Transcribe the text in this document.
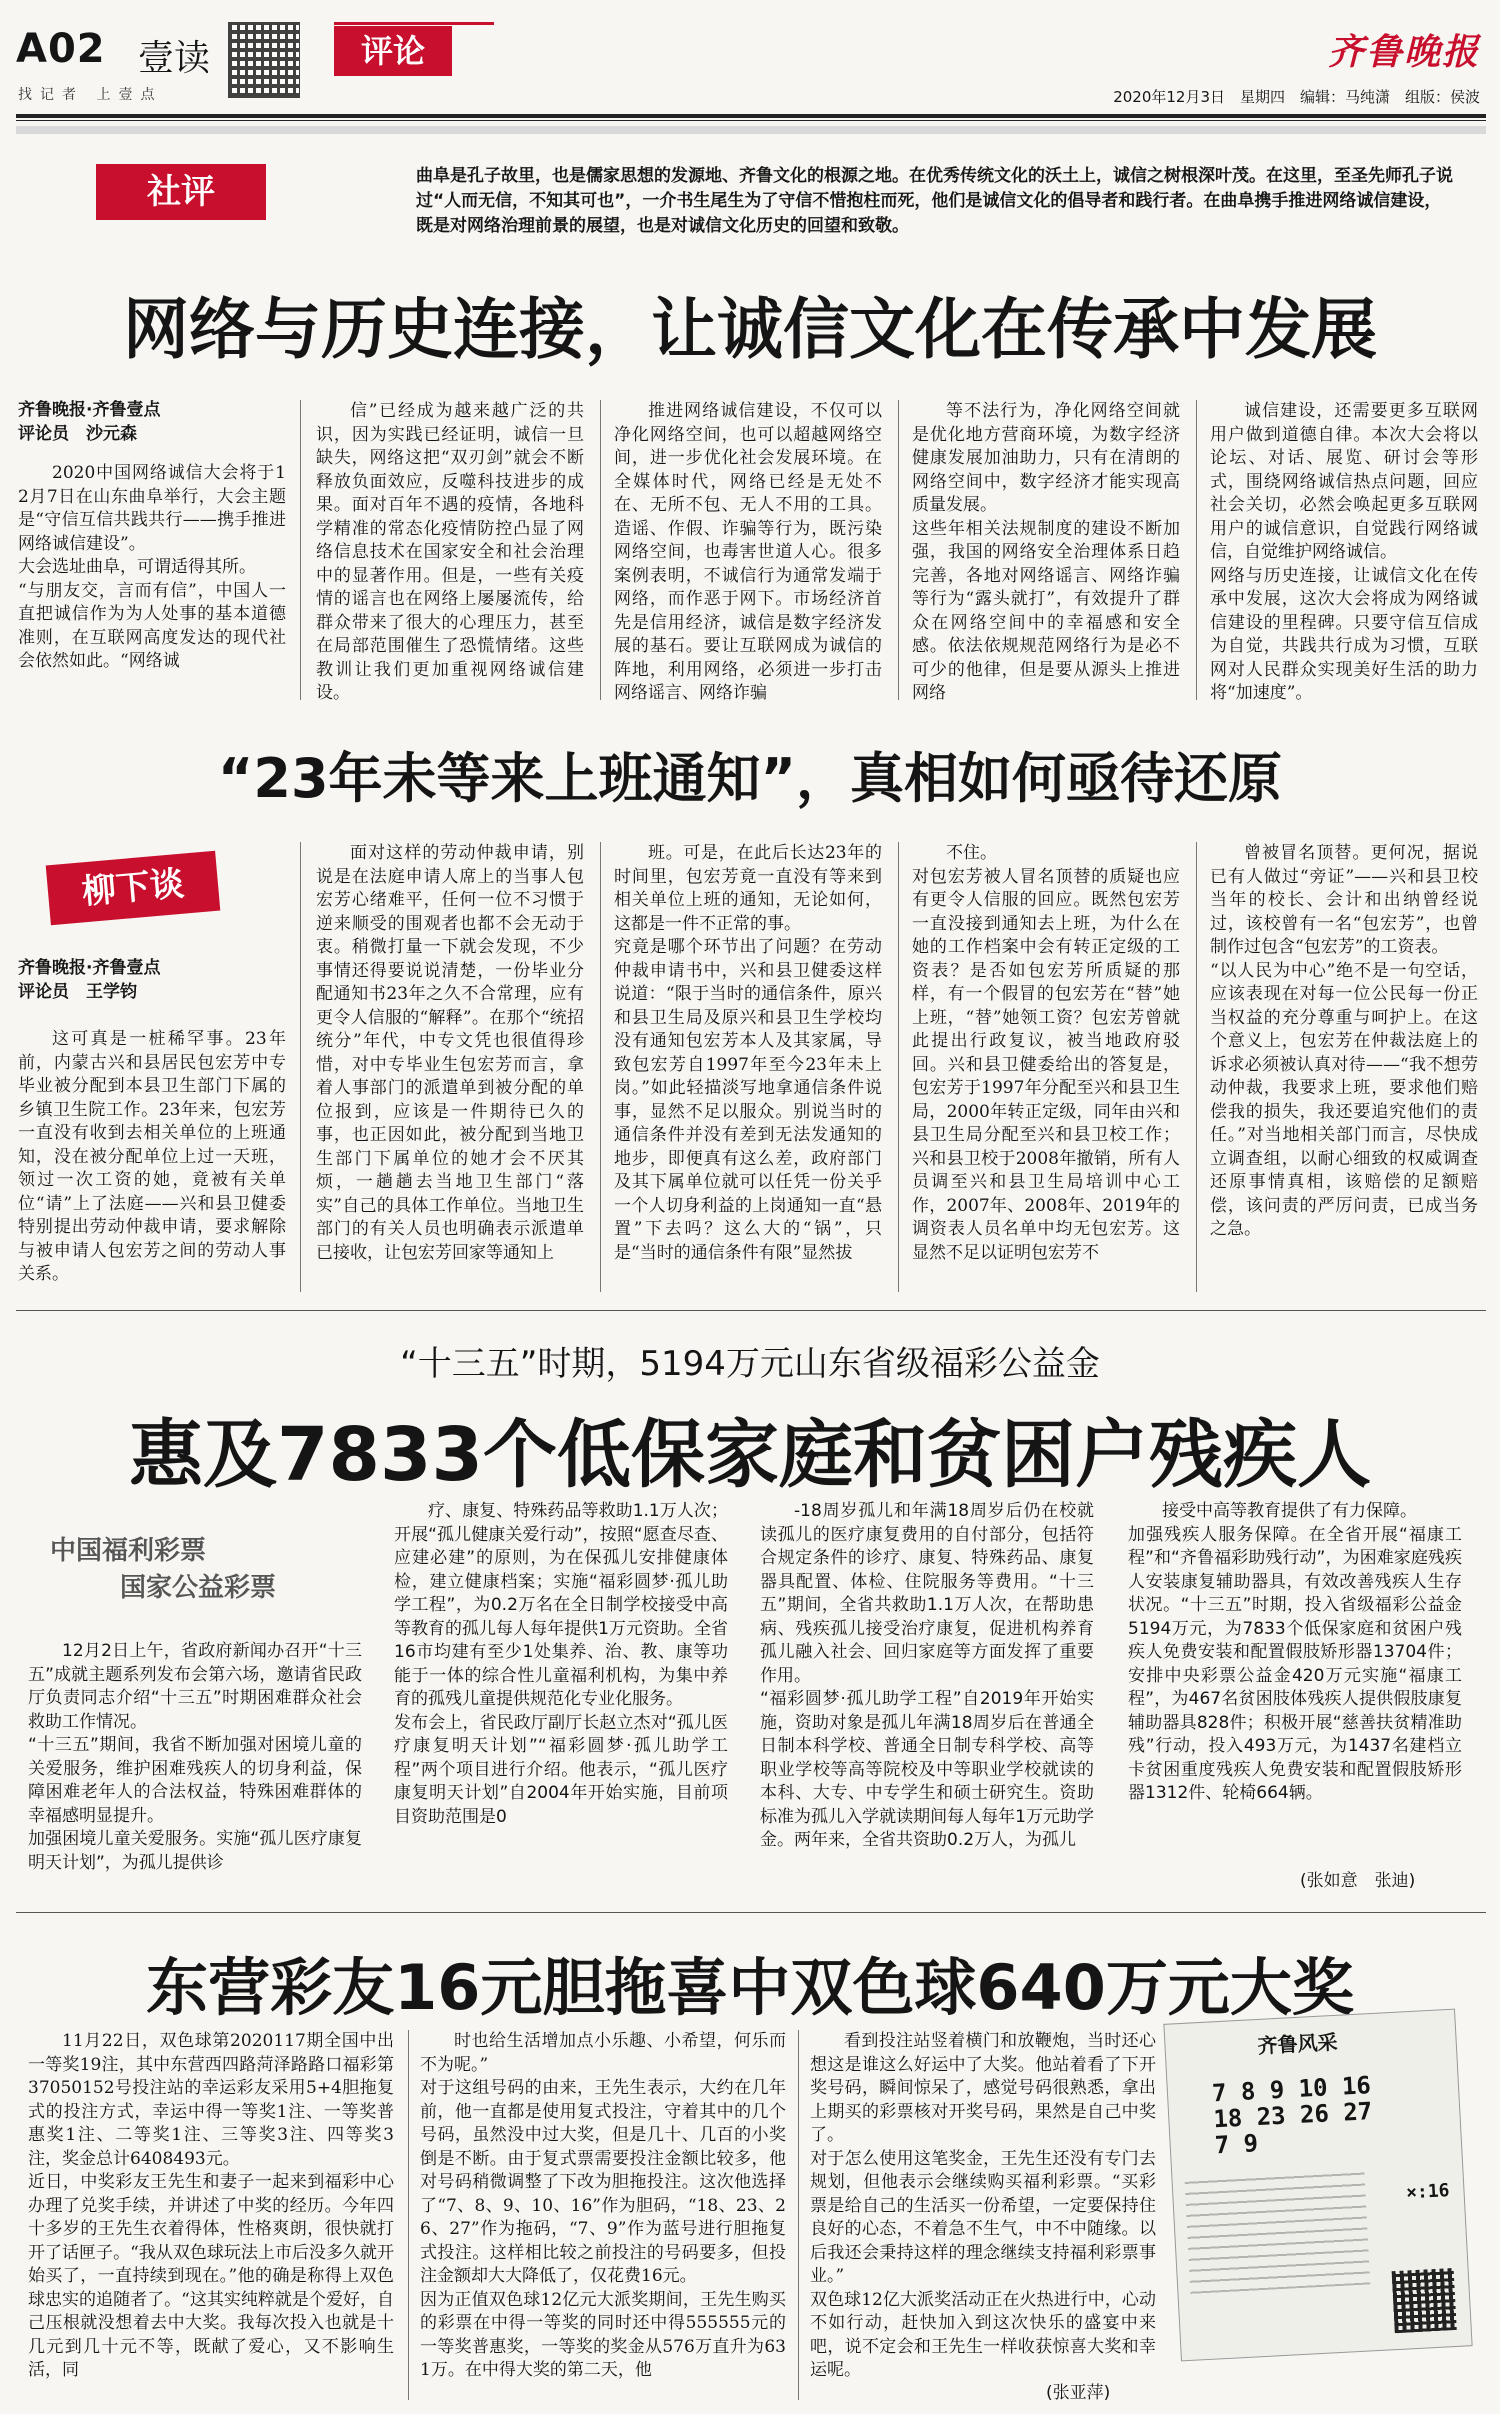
A02 壹读
找记者 上壹点
评论	齐鲁晚报
2020年12月3日　星期四　编辑：马纯潇　组版：侯波
社评	曲阜是孔子故里，也是儒家思想的发源地、齐鲁文化的根源之地。在优秀传统文化的沃土上，诚信之树根深叶茂。在这里，至圣先师孔子说过“人而无信，不知其可也”，一介书生尾生为了守信不惜抱柱而死，他们是诚信文化的倡导者和践行者。在曲阜携手推进网络诚信建设，既是对网络治理前景的展望，也是对诚信文化历史的回望和致敬。
网络与历史连接，让诚信文化在传承中发展
齐鲁晚报·齐鲁壹点
评论员　沙元森

2020中国网络诚信大会将于12月7日在山东曲阜举行，大会主题是“守信互信共践共行——携手推进网络诚信建设”。
大会选址曲阜，可谓适得其所。
“与朋友交，言而有信”，中国人一直把诚信作为为人处事的基本道德准则，在互联网高度发达的现代社会依然如此。“网络诚

信”已经成为越来越广泛的共识，因为实践已经证明，诚信一旦缺失，网络这把“双刃剑”就会不断释放负面效应，反噬科技进步的成果。面对百年不遇的疫情，各地科学精准的常态化疫情防控凸显了网络信息技术在国家安全和社会治理中的显著作用。但是，一些有关疫情的谣言也在网络上屡屡流传，给群众带来了很大的心理压力，甚至在局部范围催生了恐慌情绪。这些教训让我们更加重视网络诚信建设。

推进网络诚信建设，不仅可以净化网络空间，也可以超越网络空间，进一步优化社会发展环境。在全媒体时代，网络已经是无处不在、无所不包、无人不用的工具。造谣、作假、诈骗等行为，既污染网络空间，也毒害世道人心。很多案例表明，不诚信行为通常发端于网络，而作恶于网下。市场经济首先是信用经济，诚信是数字经济发展的基石。要让互联网成为诚信的阵地，利用网络，必须进一步打击网络谣言、网络诈骗

等不法行为，净化网络空间就是优化地方营商环境，为数字经济健康发展加油助力，只有在清朗的网络空间中，数字经济才能实现高质量发展。
这些年相关法规制度的建设不断加强，我国的网络安全治理体系日趋完善，各地对网络谣言、网络诈骗等行为“露头就打”，有效提升了群众在网络空间中的幸福感和安全感。依法依规规范网络行为是必不可少的他律，但是要从源头上推进网络

诚信建设，还需要更多互联网用户做到道德自律。本次大会将以论坛、对话、展览、研讨会等形式，围绕网络诚信热点问题，回应社会关切，必然会唤起更多互联网用户的诚信意识，自觉践行网络诚信，自觉维护网络诚信。
网络与历史连接，让诚信文化在传承中发展，这次大会将成为网络诚信建设的里程碑。只要守信互信成为自觉，共践共行成为习惯，互联网对人民群众实现美好生活的助力将“加速度”。

“23年未等来上班通知”，真相如何亟待还原
柳下谈
齐鲁晚报·齐鲁壹点
评论员　王学钧

这可真是一桩稀罕事。23年前，内蒙古兴和县居民包宏芳中专毕业被分配到本县卫生部门下属的乡镇卫生院工作。23年来，包宏芳一直没有收到去相关单位的上班通知，没在被分配单位上过一天班，领过一次工资的她，竟被有关单位“请”上了法庭——兴和县卫健委特别提出劳动仲裁申请，要求解除与被申请人包宏芳之间的劳动人事关系。

面对这样的劳动仲裁申请，别说是在法庭申请人席上的当事人包宏芳心绪难平，任何一位不习惯于逆来顺受的围观者也都不会无动于衷。稍微打量一下就会发现，不少事情还得要说说清楚，一份毕业分配通知书23年之久不合常理，应有更令人信服的“解释”。在那个“统招统分”年代，中专文凭也很值得珍惜，对中专毕业生包宏芳而言，拿着人事部门的派遣单到被分配的单位报到，应该是一件期待已久的事，也正因如此，被分配到当地卫生部门下属单位的她才会不厌其烦，一趟趟去当地卫生部门“落实”自己的具体工作单位。当地卫生部门的有关人员也明确表示派遣单已接收，让包宏芳回家等通知上

班。可是，在此后长达23年的时间里，包宏芳竟一直没有等来到相关单位上班的通知，无论如何，这都是一件不正常的事。
究竟是哪个环节出了问题？在劳动仲裁申请书中，兴和县卫健委这样说道：“限于当时的通信条件，原兴和县卫生局及原兴和县卫生学校均没有通知包宏芳本人及其家属，导致包宏芳自1997年至今23年未上岗。”如此轻描淡写地拿通信条件说事，显然不足以服众。别说当时的通信条件并没有差到无法发通知的地步，即便真有这么差，政府部门及其下属单位就可以任凭一份关乎一个人切身利益的上岗通知一直“悬置”下去吗？这么大的“锅”，只是“当时的通信条件有限”显然拔

不住。
对包宏芳被人冒名顶替的质疑也应有更令人信服的回应。既然包宏芳一直没接到通知去上班，为什么在她的工作档案中会有转正定级的工资表？是否如包宏芳所质疑的那样，有一个假冒的包宏芳在“替”她上班，“替”她领工资？包宏芳曾就此提出行政复议，被当地政府驳回。兴和县卫健委给出的答复是，包宏芳于1997年分配至兴和县卫生局，2000年转正定级，同年由兴和县卫生局分配至兴和县卫校工作；兴和县卫校于2008年撤销，所有人员调至兴和县卫生局培训中心工作，2007年、2008年、2019年的调资表人员名单中均无包宏芳。这显然不足以证明包宏芳不

曾被冒名顶替。更何况，据说已有人做过“旁证”——兴和县卫校当年的校长、会计和出纳曾经说过，该校曾有一名“包宏芳”，也曾制作过包含“包宏芳”的工资表。
“以人民为中心”绝不是一句空话，应该表现在对每一位公民每一份正当权益的充分尊重与呵护上。在这个意义上，包宏芳在仲裁法庭上的诉求必须被认真对待——“我不想劳动仲裁，我要求上班，要求他们赔偿我的损失，我还要追究他们的责任。”对当地相关部门而言，尽快成立调查组，以耐心细致的权威调查还原事情真相，该赔偿的足额赔偿，该问责的严厉问责，已成当务之急。

“十三五”时期，5194万元山东省级福彩公益金
惠及7833个低保家庭和贫困户残疾人
中国福利彩票
国家公益彩票

12月2日上午，省政府新闻办召开“十三五”成就主题系列发布会第六场，邀请省民政厅负责同志介绍“十三五”时期困难群众社会救助工作情况。
“十三五”期间，我省不断加强对困境儿童的关爱服务，维护困难残疾人的切身利益，保障困难老年人的合法权益，特殊困难群体的幸福感明显提升。
加强困境儿童关爱服务。实施“孤儿医疗康复明天计划”，为孤儿提供诊

疗、康复、特殊药品等救助1.1万人次；开展“孤儿健康关爱行动”，按照“愿查尽查、应建必建”的原则，为在保孤儿安排健康体检，建立健康档案；实施“福彩圆梦·孤儿助学工程”，为0.2万名在全日制学校接受中高等教育的孤儿每人每年提供1万元资助。全省16市均建有至少1处集养、治、教、康等功能于一体的综合性儿童福利机构，为集中养育的孤残儿童提供规范化专业化服务。
发布会上，省民政厅副厅长赵立杰对“孤儿医疗康复明天计划”“福彩圆梦·孤儿助学工程”两个项目进行介绍。他表示，“孤儿医疗康复明天计划”自2004年开始实施，目前项目资助范围是0

-18周岁孤儿和年满18周岁后仍在校就读孤儿的医疗康复费用的自付部分，包括符合规定条件的诊疗、康复、特殊药品、康复器具配置、体检、住院服务等费用。“十三五”期间，全省共救助1.1万人次，在帮助患病、残疾孤儿接受治疗康复，促进机构养育孤儿融入社会、回归家庭等方面发挥了重要作用。
“福彩圆梦·孤儿助学工程”自2019年开始实施，资助对象是孤儿年满18周岁后在普通全日制本科学校、普通全日制专科学校、高等职业学校等高等院校及中等职业学校就读的本科、大专、中专学生和硕士研究生。资助标准为孤儿入学就读期间每人每年1万元助学金。两年来，全省共资助0.2万人，为孤儿

接受中高等教育提供了有力保障。
加强残疾人服务保障。在全省开展“福康工程”和“齐鲁福彩助残行动”，为困难家庭残疾人安装康复辅助器具，有效改善残疾人生存状况。“十三五”时期，投入省级福彩公益金5194万元，为7833个低保家庭和贫困户残疾人免费安装和配置假肢矫形器13704件；安排中央彩票公益金420万元实施“福康工程”，为467名贫困肢体残疾人提供假肢康复辅助器具828件；积极开展“慈善扶贫精准助残”行动，投入493万元，为1437名建档立卡贫困重度残疾人免费安装和配置假肢矫形器1312件、轮椅664辆。

(张如意　张迪)
东营彩友16元胆拖喜中双色球640万元大奖

11月22日，双色球第2020117期全国中出一等奖19注，其中东营西四路菏泽路路口福彩第37050152号投注站的幸运彩友采用5+4胆拖复式的投注方式，幸运中得一等奖1注、一等奖普惠奖1注、二等奖1注、三等奖3注、四等奖3注，奖金总计6408493元。
近日，中奖彩友王先生和妻子一起来到福彩中心办理了兑奖手续，并讲述了中奖的经历。今年四十多岁的王先生衣着得体，性格爽朗，很快就打开了话匣子。“我从双色球玩法上市后没多久就开始买了，一直持续到现在。”他的确是称得上双色球忠实的追随者了。“这其实纯粹就是个爱好，自己压根就没想着去中大奖。我每次投入也就是十几元到几十元不等，既献了爱心，又不影响生活，同

时也给生活增加点小乐趣、小希望，何乐而不为呢。”
对于这组号码的由来，王先生表示，大约在几年前，他一直都是使用复式投注，守着其中的几个号码，虽然没中过大奖，但是几十、几百的小奖倒是不断。由于复式票需要投注金额比较多，他对号码稍微调整了下改为胆拖投注。这次他选择了“7、8、9、10、16”作为胆码，“18、23、26、27”作为拖码，“7、9”作为蓝号进行胆拖复式投注。这样相比较之前投注的号码要多，但投注金额却大大降低了，仅花费16元。
因为正值双色球12亿元大派奖期间，王先生购买的彩票在中得一等奖的同时还中得555555元的一等奖普惠奖，一等奖的奖金从576万直升为631万。在中得大奖的第二天，他

看到投注站竖着横门和放鞭炮，当时还心想这是谁这么好运中了大奖。他站着看了下开奖号码，瞬间惊呆了，感觉号码很熟悉，拿出上期买的彩票核对开奖号码，果然是自己中奖了。
对于怎么使用这笔奖金，王先生还没有专门去规划，但他表示会继续购买福利彩票。“买彩票是给自己的生活买一份希望，一定要保持住良好的心态，不着急不生气，中不中随缘。以后我还会秉持这样的理念继续支持福利彩票事业。”
双色球12亿大派奖活动正在火热进行中，心动不如行动，赶快加入到这次快乐的盛宴中来吧，说不定会和王先生一样收获惊喜大奖和幸运呢。

(张亚萍)
齐鲁风采
7 8 9 10 16
18 23 26 27
7 9
×:16
